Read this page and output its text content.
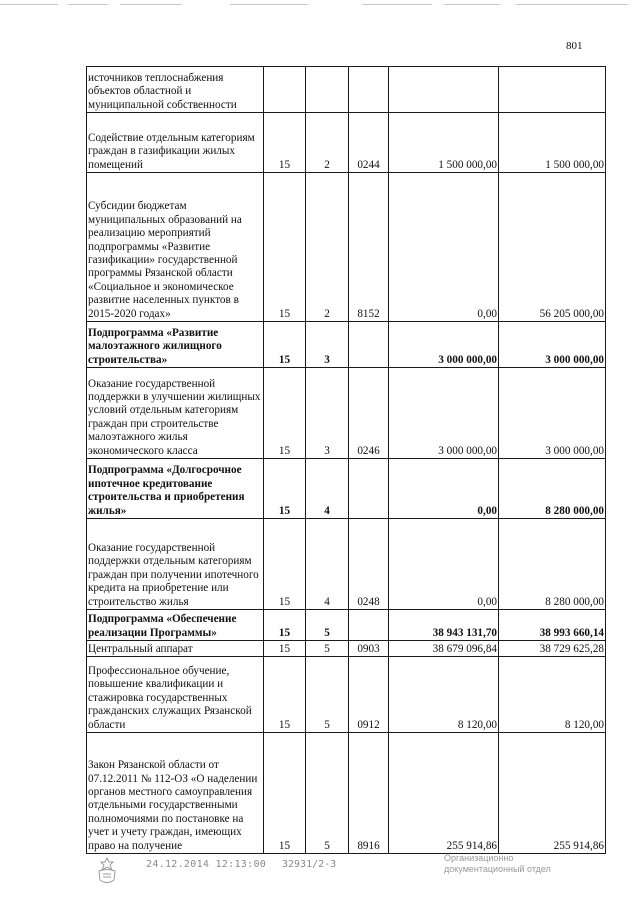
801
источников теплоснабжения объектов областной и муниципальной собственности					
Содействие отдельным категориям граждан в газификации жилых помещений	15	2	0244	1 500 000,00	1 500 000,00
Субсидии бюджетам муниципальных образований на реализацию мероприятий подпрограммы «Развитие газификации» государственной программы Рязанской области «Социальное и экономическое развитие населенных пунктов в 2015-2020 годах»	15	2	8152	0,00	56 205 000,00
Подпрограмма «Развитие малоэтажного жилищного строительства»	15	3		3 000 000,00	3 000 000,00
Оказание государственной поддержки в улучшении жилищных условий отдельным категориям граждан при строительстве малоэтажного жилья экономического класса	15	3	0246	3 000 000,00	3 000 000,00
Подпрограмма «Долгосрочное ипотечное кредитование строительства и приобретения жилья»	15	4		0,00	8 280 000,00
Оказание государственной поддержки отдельным категориям граждан при получении ипотечного кредита на приобретение или строительство жилья	15	4	0248	0,00	8 280 000,00
Подпрограмма «Обеспечение реализации Программы»	15	5		38 943 131,70	38 993 660,14
Центральный аппарат	15	5	0903	38 679 096,84	38 729 625,28
Профессиональное обучение, повышение квалификации и стажировка государственных гражданских служащих Рязанской области	15	5	0912	8 120,00	8 120,00
Закон Рязанской области от 07.12.2011 № 112-ОЗ «О наделении органов местного самоуправления отдельными государственными полномочиями по постановке на учет и учету граждан, имеющих право на получение	15	5	8916	255 914,86	255 914,86
24.12.2014 12:13:00 32931/2-3
Организационно
документационный отдел
